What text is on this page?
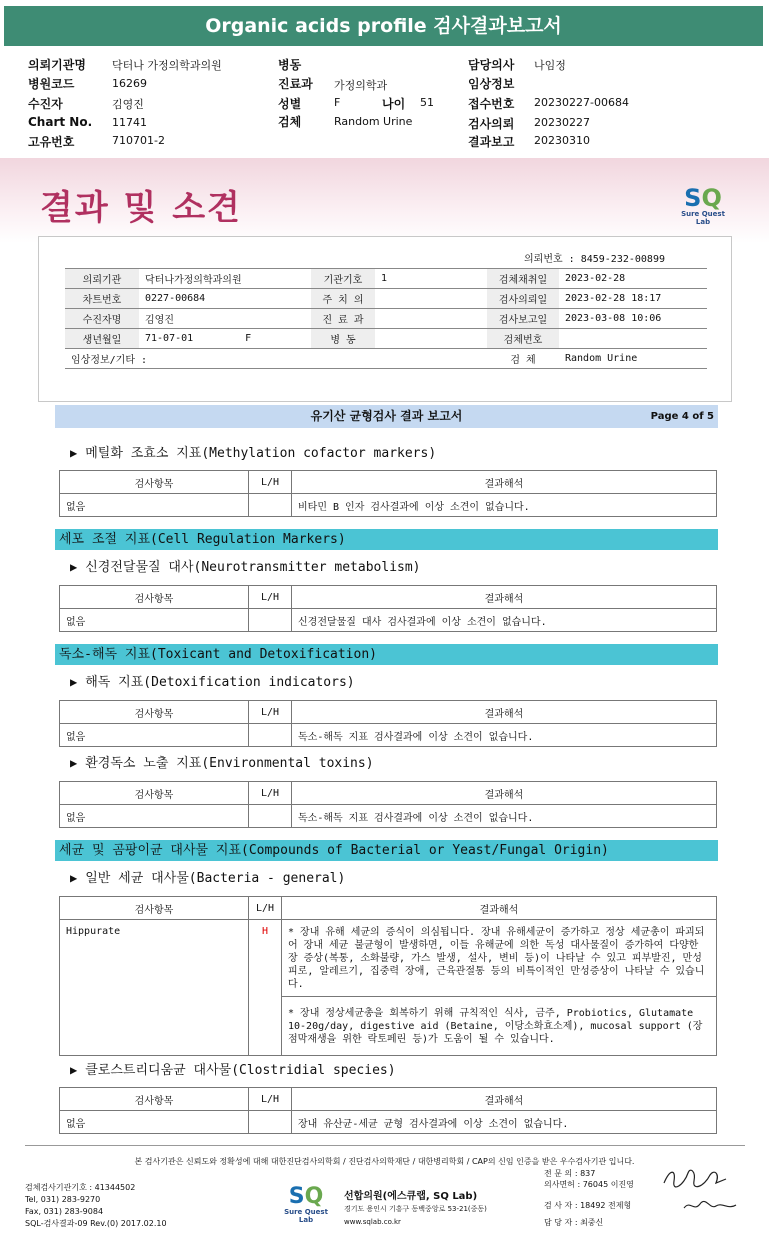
Organic acids profile 검사결과보고서
의뢰기관명 닥터나 가정의학과의원
병원코드	16269
수진자	김영진
Chart No. 11741
고유번호	710701-2
병동
진료과 가정의학과
성별	F	나이 51
검체	Random Urine
담당의사 나임정
임상정보
접수번호 20230227-00684
검사의뢰 20230227
결과보고 20230310
결과 및 소견	SQ
Sure Quest Lab
의뢰번호 : 8459-232-00899
의뢰기관	닥터나가정의학과의원	기관기호	1	검체채취일	2023-02-28
차트번호	0227-00684	주 치 의		검사의뢰일	2023-02-28 18:17
수진자명	김영진	진 료 과		검사보고일	2023-03-08 10:06
생년월일	71-07-01 F	병 동		검체번호	
임상정보/기타 :				검 체	Random Urine
유기산 균형검사 결과 보고서	Page 4 of 5
▶ 메틸화 조효소 지표(Methylation cofactor markers)
검사항목	L/H	결과해석
없음		비타민 B 인자 검사결과에 이상 소견이 없습니다.
세포 조절 지표(Cell Regulation Markers)
▶ 신경전달물질 대사(Neurotransmitter metabolism)
검사항목	L/H	결과해석
없음		신경전달물질 대사 검사결과에 이상 소견이 없습니다.
독소-해독 지표(Toxicant and Detoxification)
▶ 해독 지표(Detoxification indicators)
검사항목	L/H	결과해석
없음		독소-해독 지표 검사결과에 이상 소견이 없습니다.
▶ 환경독소 노출 지표(Environmental toxins)
검사항목	L/H	결과해석
없음		독소-해독 지표 검사결과에 이상 소견이 없습니다.
세균 및 곰팡이균 대사물 지표(Compounds of Bacterial or Yeast/Fungal Origin)
▶ 일반 세균 대사물(Bacteria - general)
검사항목	L/H	결과해석
Hippurate	H	* 장내 유해 세균의 증식이 의심됩니다. 장내 유해세균이 증가하고 정상 세균총이 파괴되어 장내 세균 불균형이 발생하면, 이들 유해균에 의한 독성 대사물질이 증가하여 다양한 장 증상(복통, 소화불량, 가스 발생, 설사, 변비 등)이 나타날 수 있고 피부발진, 만성피로, 알레르기, 집중력 장애, 근육관절통 등의 비특이적인 만성증상이 나타날 수 있습니다.
		* 장내 정상세균총을 회복하기 위해 규칙적인 식사, 금주, Probiotics, Glutamate 10-20g/day, digestive aid (Betaine, 이당소화효소제), mucosal support (장점막재생을 위한 락토페린 등)가 도움이 될 수 있습니다.
▶ 클로스트리디움균 대사물(Clostridial species)
검사항목	L/H	결과해석
없음		장내 유산균-세균 균형 검사결과에 이상 소견이 없습니다.
본 검사기관은 신뢰도와 정확성에 대해 대한진단검사의학회 / 진단검사의학재단 / 대한병리학회 / CAP의 신임 인증을 받은 우수검사기관 입니다.
검체검사기관기호 : 41344502
Tel, 031) 283-9270
Fax, 031) 283-9084
SQL-검사결과-09 Rev.(0) 2017.02.10
SQ
Sure Quest Lab
선합의원(에스큐랩, SQ Lab)
경기도 용인시 기흥구 동백중앙로 53-21(중동)
www.sqlab.co.kr
전 문 의 : 837
의사면허 : 76045 이진영
검 사 자 : 18492 전제형
담 당 자 : 최중신
